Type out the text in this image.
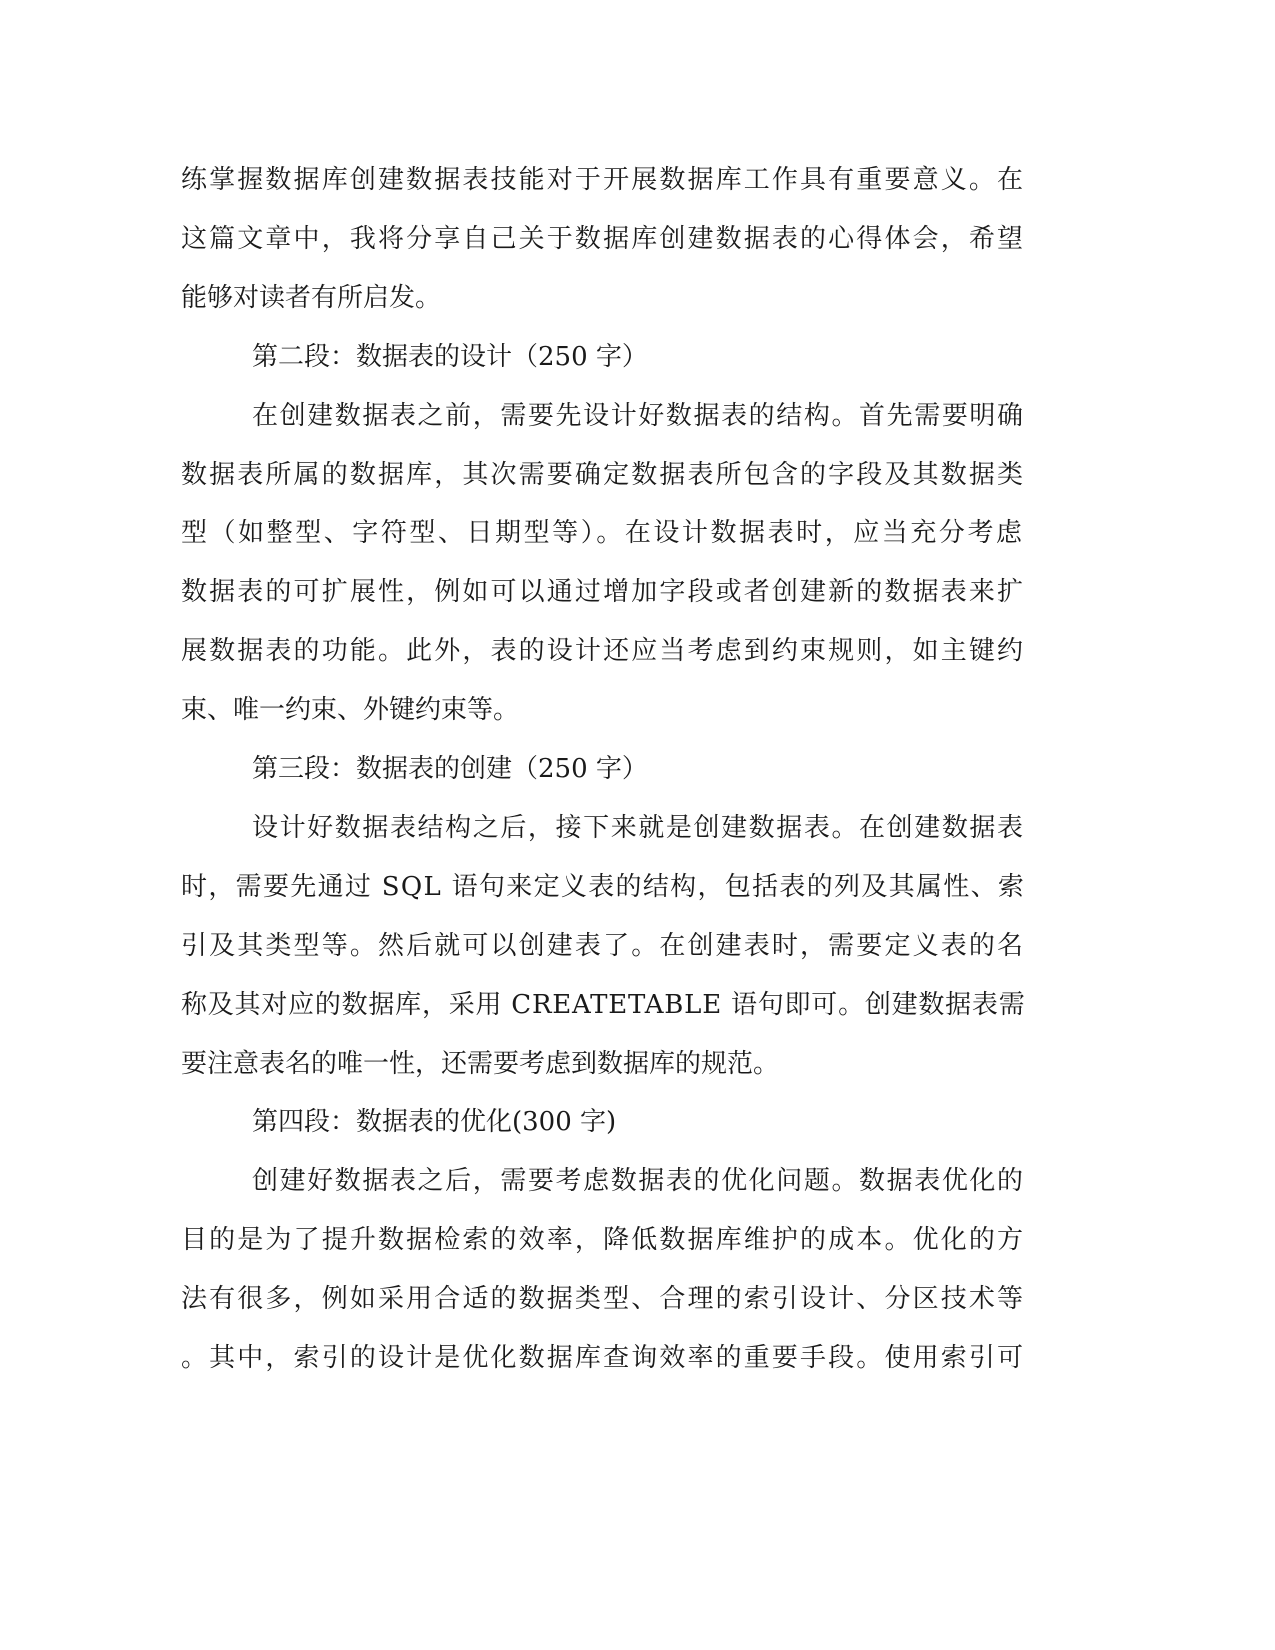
练掌握数据库创建数据表技能对于开展数据库工作具有重要意义。在
这篇文章中，我将分享自己关于数据库创建数据表的心得体会，希望
能够对读者有所启发。
第二段：数据表的设计（250 字）
在创建数据表之前，需要先设计好数据表的结构。首先需要明确
数据表所属的数据库，其次需要确定数据表所包含的字段及其数据类
型（如整型、字符型、日期型等）。在设计数据表时，应当充分考虑
数据表的可扩展性，例如可以通过增加字段或者创建新的数据表来扩
展数据表的功能。此外，表的设计还应当考虑到约束规则，如主键约
束、唯一约束、外键约束等。
第三段：数据表的创建（250 字）
设计好数据表结构之后，接下来就是创建数据表。在创建数据表
时，需要先通过 SQL 语句来定义表的结构，包括表的列及其属性、索
引及其类型等。然后就可以创建表了。在创建表时，需要定义表的名
称及其对应的数据库，采用 CREATETABLE 语句即可。创建数据表需
要注意表名的唯一性，还需要考虑到数据库的规范。
第四段：数据表的优化(300 字)
创建好数据表之后，需要考虑数据表的优化问题。数据表优化的
目的是为了提升数据检索的效率，降低数据库维护的成本。优化的方
法有很多，例如采用合适的数据类型、合理的索引设计、分区技术等
。其中，索引的设计是优化数据库查询效率的重要手段。使用索引可
